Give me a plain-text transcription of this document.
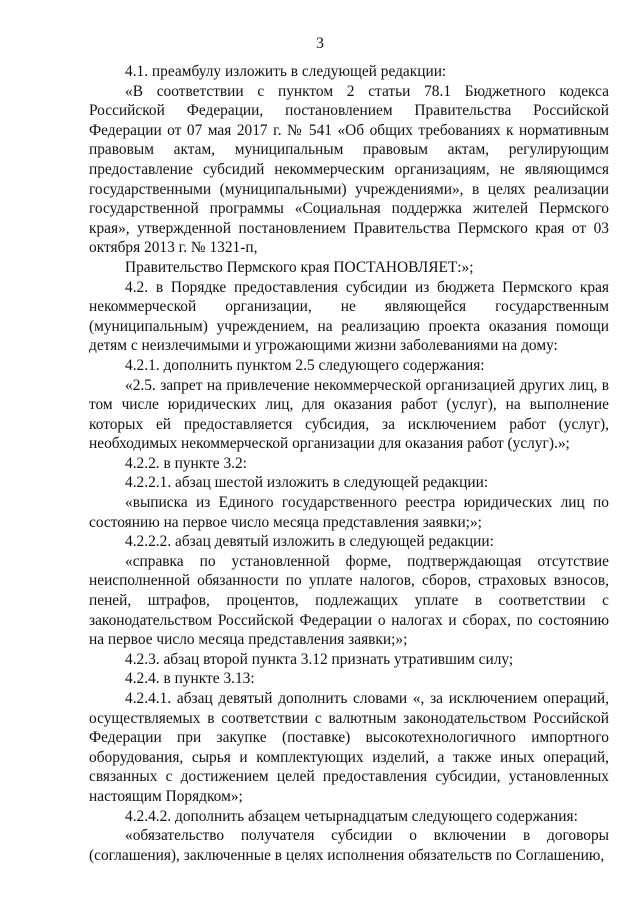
3

4.1. преамбулу изложить в следующей редакции:

«В соответствии с пунктом 2 статьи 78.1 Бюджетного кодекса Российской Федерации, постановлением Правительства Российской Федерации от 07 мая 2017 г. № 541 «Об общих требованиях к нормативным правовым актам, муниципальным правовым актам, регулирующим предоставление субсидий некоммерческим организациям, не являющимся государственными (муниципальными) учреждениями», в целях реализации государственной программы «Социальная поддержка жителей Пермского края», утвержденной постановлением Правительства Пермского края от 03 октября 2013 г. № 1321-п,

Правительство Пермского края ПОСТАНОВЛЯЕТ:»;

4.2. в Порядке предоставления субсидии из бюджета Пермского края некоммерческой организации, не являющейся государственным (муниципальным) учреждением, на реализацию проекта оказания помощи детям с неизлечимыми и угрожающими жизни заболеваниями на дому:

4.2.1. дополнить пунктом 2.5 следующего содержания:

«2.5. запрет на привлечение некоммерческой организацией других лиц, в том числе юридических лиц, для оказания работ (услуг), на выполнение которых ей предоставляется субсидия, за исключением работ (услуг), необходимых некоммерческой организации для оказания работ (услуг).»;

4.2.2. в пункте 3.2:

4.2.2.1. абзац шестой изложить в следующей редакции:

«выписка из Единого государственного реестра юридических лиц по состоянию на первое число месяца представления заявки;»;

4.2.2.2. абзац девятый изложить в следующей редакции:

«справка по установленной форме, подтверждающая отсутствие неисполненной обязанности по уплате налогов, сборов, страховых взносов, пеней, штрафов, процентов, подлежащих уплате в соответствии с законодательством Российской Федерации о налогах и сборах, по состоянию на первое число месяца представления заявки;»;

4.2.3. абзац второй пункта 3.12 признать утратившим силу;

4.2.4. в пункте 3.13:

4.2.4.1. абзац девятый дополнить словами «, за исключением операций, осуществляемых в соответствии с валютным законодательством Российской Федерации при закупке (поставке) высокотехнологичного импортного оборудования, сырья и комплектующих изделий, а также иных операций, связанных с достижением целей предоставления субсидии, установленных настоящим Порядком»;

4.2.4.2. дополнить абзацем четырнадцатым следующего содержания:

«обязательство получателя субсидии о включении в договоры (соглашения), заключенные в целях исполнения обязательств по Соглашению,
